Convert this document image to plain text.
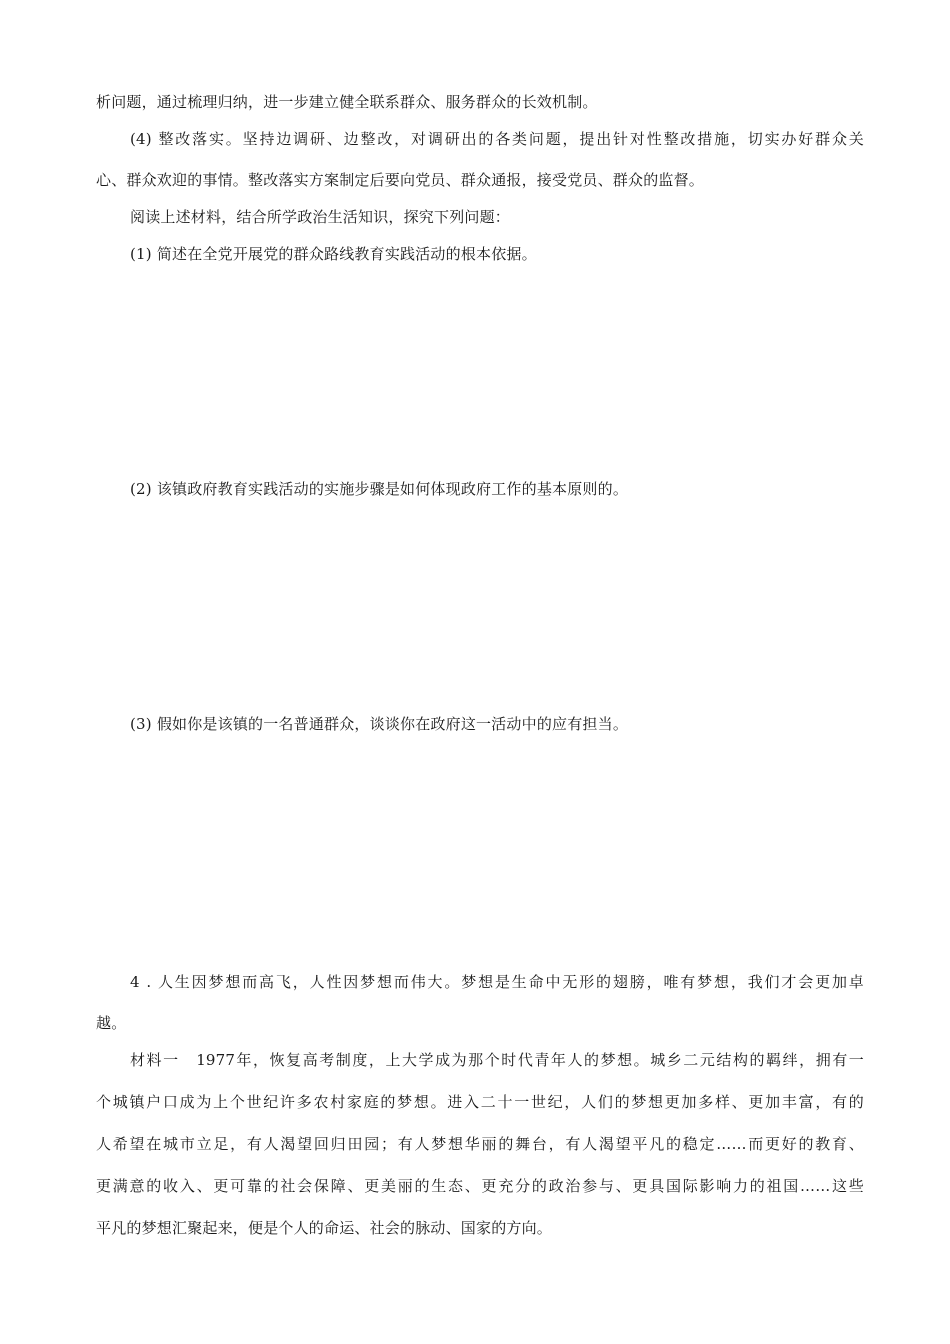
析问题，通过梳理归纳，进一步建立健全联系群众、服务群众的长效机制。
(4) 整改落实。坚持边调研、边整改，对调研出的各类问题，提出针对性整改措施，切实办好群众关
心、群众欢迎的事情。整改落实方案制定后要向党员、群众通报，接受党员、群众的监督。
阅读上述材料，结合所学政治生活知识，探究下列问题：
(1) 简述在全党开展党的群众路线教育实践活动的根本依据。
(2) 该镇政府教育实践活动的实施步骤是如何体现政府工作的基本原则的。
(3) 假如你是该镇的一名普通群众，谈谈你在政府这一活动中的应有担当。
4 . 人生因梦想而高飞，人性因梦想而伟大。梦想是生命中无形的翅膀，唯有梦想，我们才会更加卓
越。
材料一　1977年，恢复高考制度，上大学成为那个时代青年人的梦想。城乡二元结构的羁绊，拥有一
个城镇户口成为上个世纪许多农村家庭的梦想。进入二十一世纪，人们的梦想更加多样、更加丰富，有的
人希望在城市立足，有人渴望回归田园；有人梦想华丽的舞台，有人渴望平凡的稳定……而更好的教育、
更满意的收入、更可靠的社会保障、更美丽的生态、更充分的政治参与、更具国际影响力的祖国……这些
平凡的梦想汇聚起来，便是个人的命运、社会的脉动、国家的方向。
